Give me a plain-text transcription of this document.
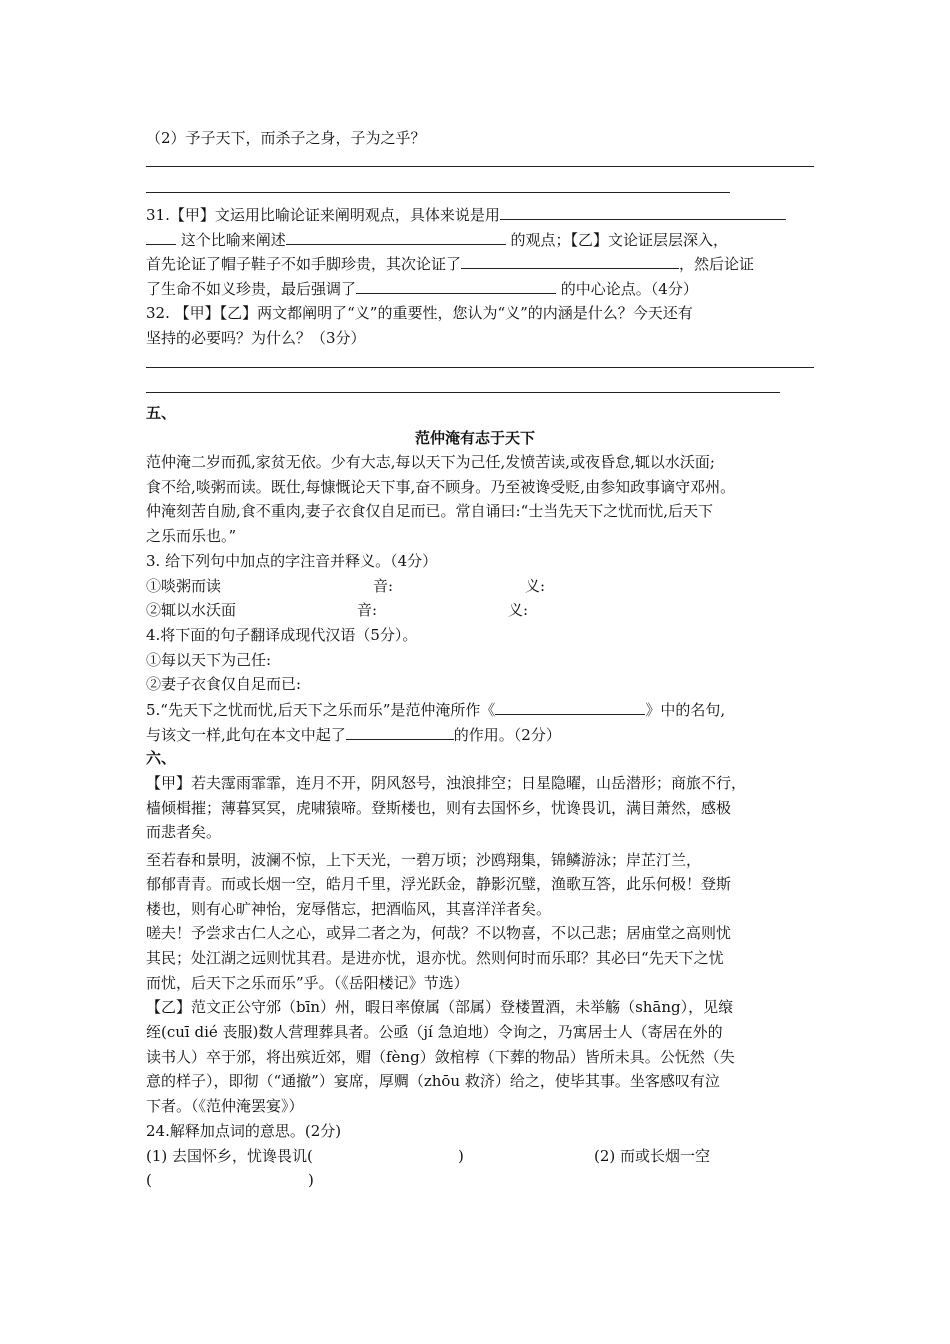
（2）予子天下，而杀子之身，子为之乎？
31.【甲】文运用比喻论证来阐明观点，具体来说是用
这个比喻来阐述	的观点；【乙】文论证层层深入，
首先论证了帽子鞋子不如手脚珍贵，其次论证了	，然后论证
了生命不如义珍贵，最后强调了	的中心论点。（4分）
32. 【甲】【乙】两文都阐明了“义”的重要性，您认为“义”的内涵是什么？今天还有
坚持的必要吗？为什么？（3分）
五、
范仲淹有志于天下
范仲淹二岁而孤,家贫无依。少有大志,每以天下为己任,发愤苦读,或夜昏怠,辄以水沃面;
食不给,啖粥而读。既仕,每慷慨论天下事,奋不顾身。乃至被谗受贬,由参知政事谪守邓州。
仲淹刻苦自励,食不重肉,妻子衣食仅自足而已。常自诵曰:“士当先天下之忧而忧,后天下
之乐而乐也。”
3. 给下列句中加点的字注音并释义。（4分）
①啖粥而读	音:	义:
②辄以水沃面	音:	义:
4.将下面的句子翻译成现代汉语（5分）。
①每以天下为己任:
②妻子衣食仅自足而已:
5.“先天下之忧而忧,后天下之乐而乐”是范仲淹所作《	》中的名句,
与该文一样,此句在本文中起了	的作用。（2分）
六、
【甲】若夫霪雨霏霏，连月不开，阴风怒号，浊浪排空；日星隐曜，山岳潜形；商旅不行，
樯倾楫摧；薄暮冥冥，虎啸猿啼。登斯楼也，则有去国怀乡，忧谗畏讥，满目萧然，感极
而悲者矣。
至若春和景明，波澜不惊，上下天光，一碧万顷；沙鸥翔集，锦鳞游泳；岸芷汀兰，
郁郁青青。而或长烟一空，皓月千里，浮光跃金，静影沉璧，渔歌互答，此乐何极！登斯
楼也，则有心旷神怡，宠辱偕忘，把酒临风，其喜洋洋者矣。
嗟夫！予尝求古仁人之心，或异二者之为，何哉？不以物喜，不以己悲；居庙堂之高则忧
其民；处江湖之远则忧其君。是进亦忧，退亦忧。然则何时而乐耶？其必曰“先天下之忧
而忧，后天下之乐而乐”乎。（《岳阳楼记》节选）
【乙】范文正公守邠（bīn）州，暇日率僚属（部属）登楼置酒，未举觞（shāng），见缞
绖(cuī dié 丧服)数人营理葬具者。公亟（jí 急迫地）令询之，乃寓居士人（寄居在外的
读书人）卒于邠，将出殡近郊，赗（fèng）敛棺椁（下葬的物品）皆所未具。公怃然（失
意的样子），即彻（“通撤”）宴席，厚赒（zhōu 救济）给之，使毕其事。坐客感叹有泣
下者。（《范仲淹罢宴》）
24.解释加点词的意思。(2分)
(1) 去国怀乡，忧谗畏讥(	)	(2) 而或长烟一空
(	)
